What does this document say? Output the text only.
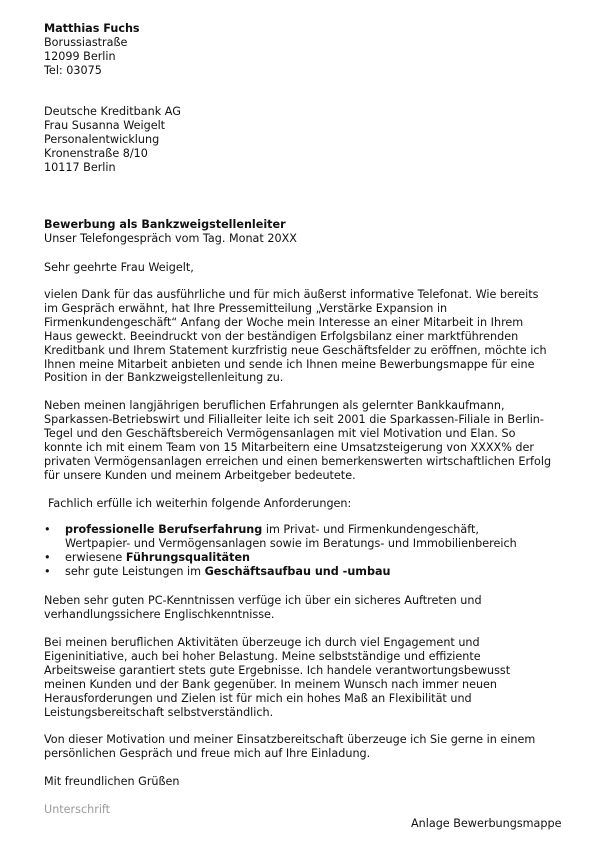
Matthias Fuchs
Borussiastraße
12099 Berlin
Tel: 03075
Deutsche Kreditbank AG
Frau Susanna Weigelt
Personalentwicklung
Kronenstraße 8/10
10117 Berlin
Bewerbung als Bankzweigstellenleiter
Unser Telefongespräch vom Tag. Monat 20XX
Sehr geehrte Frau Weigelt,
vielen Dank für das ausführliche und für mich äußerst informative Telefonat. Wie bereits
im Gespräch erwähnt, hat Ihre Pressemitteilung „Verstärke Expansion in
Firmenkundengeschäft“ Anfang der Woche mein Interesse an einer Mitarbeit in Ihrem
Haus geweckt. Beeindruckt von der beständigen Erfolgsbilanz einer marktführenden
Kreditbank und Ihrem Statement kurzfristig neue Geschäftsfelder zu eröffnen, möchte ich
Ihnen meine Mitarbeit anbieten und sende ich Ihnen meine Bewerbungsmappe für eine
Position in der Bankzweigstellenleitung zu.
Neben meinen langjährigen beruflichen Erfahrungen als gelernter Bankkaufmann,
Sparkassen-Betriebswirt und Filialleiter leite ich seit 2001 die Sparkassen-Filiale in Berlin-
Tegel und den Geschäftsbereich Vermögensanlagen mit viel Motivation und Elan. So
konnte ich mit einem Team von 15 Mitarbeitern eine Umsatzsteigerung von XXXX% der
privaten Vermögensanlagen erreichen und einen bemerkenswerten wirtschaftlichen Erfolg
für unsere Kunden und meinem Arbeitgeber bedeutete.
Fachlich erfülle ich weiterhin folgende Anforderungen:
• professionelle Berufserfahrung im Privat- und Firmenkundengeschäft,
Wertpapier- und Vermögensanlagen sowie im Beratungs- und Immobilienbereich
• erwiesene Führungsqualitäten
• sehr gute Leistungen im Geschäftsaufbau und -umbau
Neben sehr guten PC-Kenntnissen verfüge ich über ein sicheres Auftreten und
verhandlungssichere Englischkenntnisse.
Bei meinen beruflichen Aktivitäten überzeuge ich durch viel Engagement und
Eigeninitiative, auch bei hoher Belastung. Meine selbstständige und effiziente
Arbeitsweise garantiert stets gute Ergebnisse. Ich handele verantwortungsbewusst
meinen Kunden und der Bank gegenüber. In meinem Wunsch nach immer neuen
Herausforderungen und Zielen ist für mich ein hohes Maß an Flexibilität und
Leistungsbereitschaft selbstverständlich.
Von dieser Motivation und meiner Einsatzbereitschaft überzeuge ich Sie gerne in einem
persönlichen Gespräch und freue mich auf Ihre Einladung.
Mit freundlichen Grüßen
Unterschrift
Anlage Bewerbungsmappe
